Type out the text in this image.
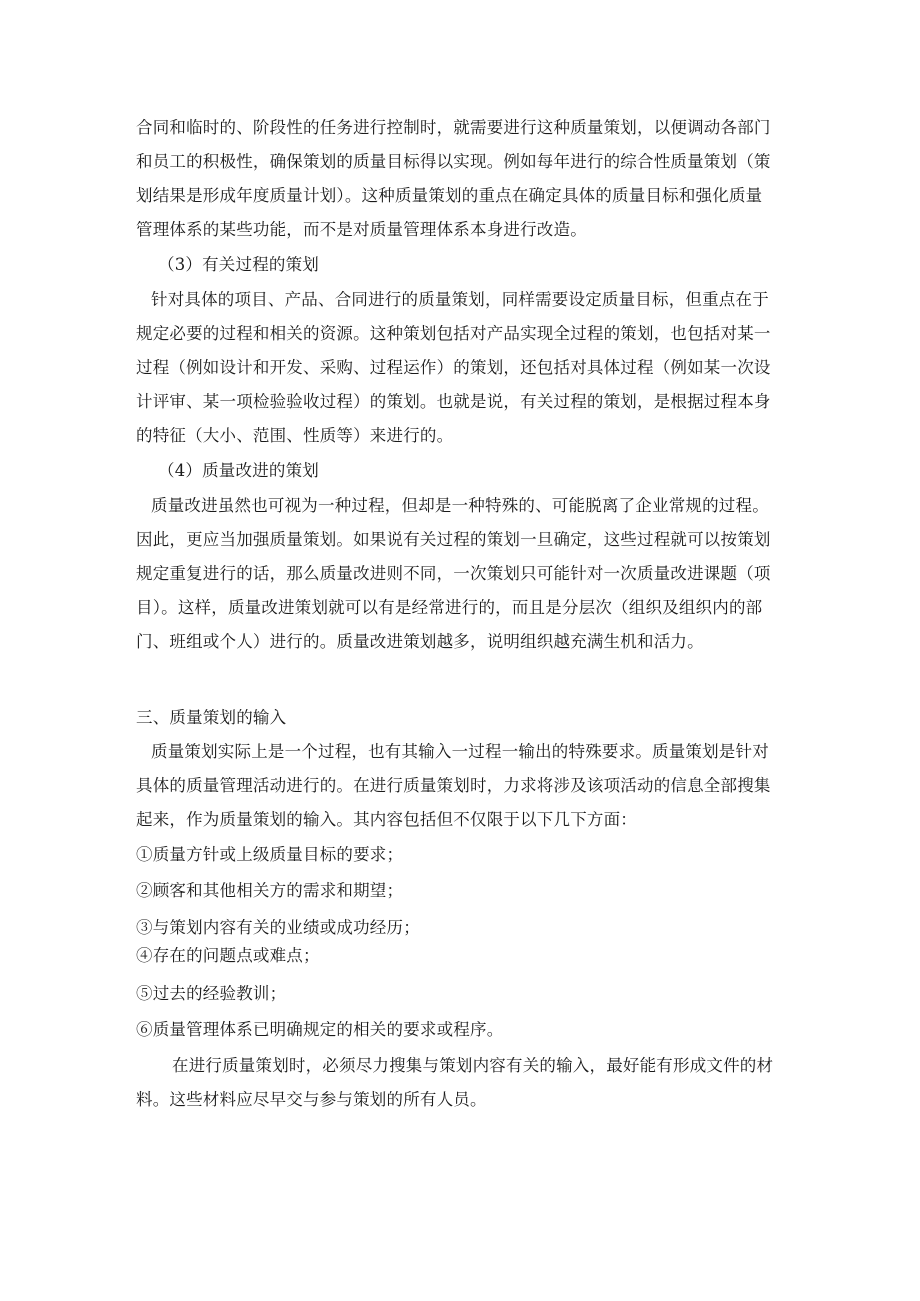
合同和临时的、阶段性的任务进行控制时，就需要进行这种质量策划，以便调动各部门
和员工的积极性，确保策划的质量目标得以实现。例如每年进行的综合性质量策划（策
划结果是形成年度质量计划）。这种质量策划的重点在确定具体的质量目标和强化质量
管理体系的某些功能，而不是对质量管理体系本身进行改造。
（3）有关过程的策划
针对具体的项目、产品、合同进行的质量策划，同样需要设定质量目标，但重点在于
规定必要的过程和相关的资源。这种策划包括对产品实现全过程的策划，也包括对某一
过程（例如设计和开发、采购、过程运作）的策划，还包括对具体过程（例如某一次设
计评审、某一项检验验收过程）的策划。也就是说，有关过程的策划，是根据过程本身
的特征（大小、范围、性质等）来进行的。
（4）质量改进的策划
质量改进虽然也可视为一种过程，但却是一种特殊的、可能脱离了企业常规的过程。
因此，更应当加强质量策划。如果说有关过程的策划一旦确定，这些过程就可以按策划
规定重复进行的话，那么质量改进则不同，一次策划只可能针对一次质量改进课题（项
目）。这样，质量改进策划就可以有是经常进行的，而且是分层次（组织及组织内的部
门、班组或个人）进行的。质量改进策划越多，说明组织越充满生机和活力。
三、质量策划的输入
质量策划实际上是一个过程，也有其输入一过程一输出的特殊要求。质量策划是针对
具体的质量管理活动进行的。在进行质量策划时，力求将涉及该项活动的信息全部搜集
起来，作为质量策划的输入。其内容包括但不仅限于以下几下方面：
①质量方针或上级质量目标的要求；
②顾客和其他相关方的需求和期望；
③与策划内容有关的业绩或成功经历；
④存在的问题点或难点；
⑤过去的经验教训；
⑥质量管理体系已明确规定的相关的要求或程序。
在进行质量策划时，必须尽力搜集与策划内容有关的输入，最好能有形成文件的材
料。这些材料应尽早交与参与策划的所有人员。
